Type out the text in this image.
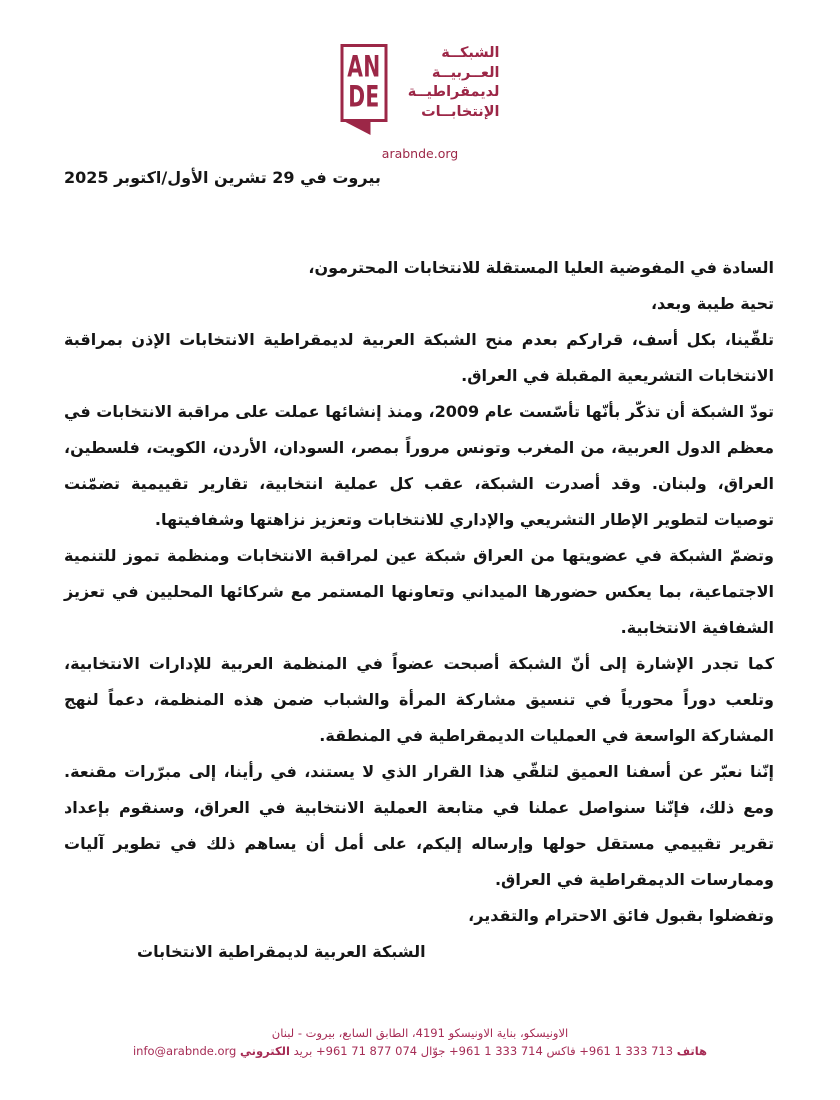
AN
DE
الشبكــة
العــربيــة
لديمقراطيــة
الإنتخابــات
arabnde.org
بيروت في 29 تشرين الأول/اكتوبر 2025

السادة في المفوضية العليا المستقلة للانتخابات المحترمون،

تحية طيبة وبعد،

تلقّينا، بكل أسف، قراركم بعدم منح الشبكة العربية لديمقراطية الانتخابات الإذن بمراقبة الانتخابات التشريعية المقبلة في العراق.

تودّ الشبكة أن تذكّر بأنّها تأسّست عام 2009، ومنذ إنشائها عملت على مراقبة الانتخابات في معظم الدول العربية، من المغرب وتونس مروراً بمصر، السودان، الأردن، الكويت، فلسطين، العراق، ولبنان. وقد أصدرت الشبكة، عقب كل عملية انتخابية، تقارير تقييمية تضمّنت توصيات لتطوير الإطار التشريعي والإداري للانتخابات وتعزيز نزاهتها وشفافيتها.

وتضمّ الشبكة في عضويتها من العراق شبكة عين لمراقبة الانتخابات ومنظمة تموز للتنمية الاجتماعية، بما يعكس حضورها الميداني وتعاونها المستمر مع شركائها المحليين في تعزيز الشفافية الانتخابية.

كما تجدر الإشارة إلى أنّ الشبكة أصبحت عضواً في المنظمة العربية للإدارات الانتخابية، وتلعب دوراً محورياً في تنسيق مشاركة المرأة والشباب ضمن هذه المنظمة، دعماً لنهج المشاركة الواسعة في العمليات الديمقراطية في المنطقة.

إنّنا نعبّر عن أسفنا العميق لتلقّي هذا القرار الذي لا يستند، في رأينا، إلى مبرّرات مقنعة. ومع ذلك، فإنّنا سنواصل عملنا في متابعة العملية الانتخابية في العراق، وسنقوم بإعداد تقرير تقييمي مستقل حولها وإرساله إليكم، على أمل أن يساهم ذلك في تطوير آليات وممارسات الديمقراطية في العراق.

وتفضلوا بقبول فائق الاحترام والتقدير،

الشبكة العربية لديمقراطية الانتخابات

الاونيسكو، بناية الاونيسكو 4191، الطابق السابع، بيروت - لبنان
هاتف +961 1 333 713 فاكس +961 1 333 714 جوّال +961 71 877 074 بريد الكتروني info@arabnde.org
